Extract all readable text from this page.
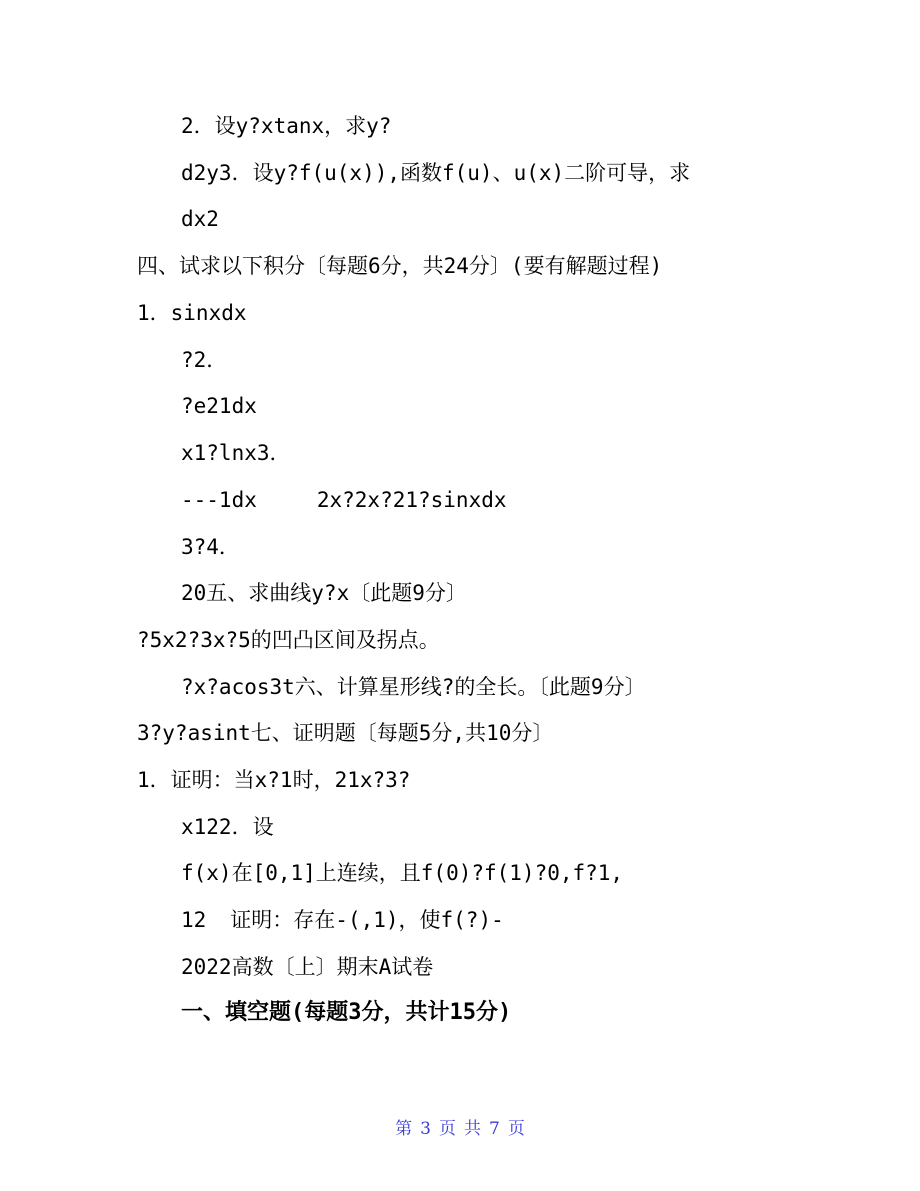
2．设y?xtanx，求y?
d2y3．设y?f(u(x)),函数f(u)、u(x)二阶可导，求
dx2
四、试求以下积分〔每题6分，共24分〕(要有解题过程)
1．sinxdx
?2．
?e21dx
x1?lnx3．
---1dx	2x?2x?21?sinxdx
3?4．
20五、求曲线y?x〔此题9分〕
?5x2?3x?5的凹凸区间及拐点。
?x?acos3t六、计算星形线?的全长。〔此题9分〕
3?y?asint七、证明题〔每题5分,共10分〕
1．证明：当x?1时，21x?3?
x122．设
f(x)在[0,1]上连续，且f(0)?f(1)?0,f?1,
12 证明：存在-(,1)，使f(?)-
2022高数〔上〕期末A试卷
一、填空题(每题3分，共计15分)
第 3 页 共 7 页
